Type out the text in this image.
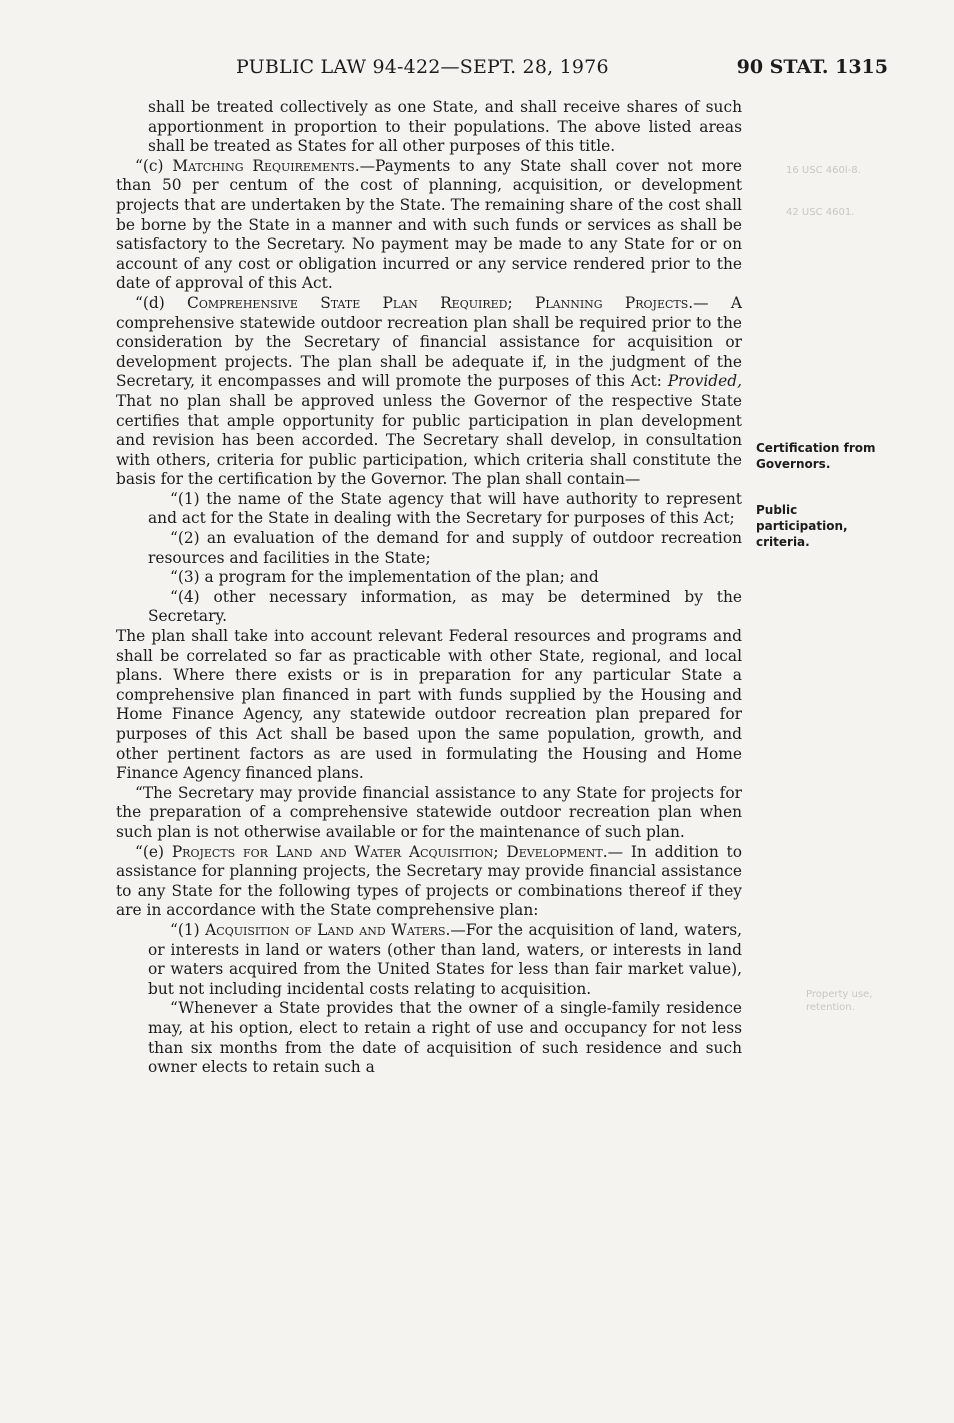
PUBLIC LAW 94-422—SEPT. 28, 1976	90 STAT. 1315
16 USC 460l-8.
42 USC 4601.
Property use, retention.
Certification from Governors.
Public participation, criteria.

shall be treated collectively as one State, and shall receive shares of such apportionment in proportion to their populations. The above listed areas shall be treated as States for all other purposes of this title.

“(c) Matching Requirements.—Payments to any State shall cover not more than 50 per centum of the cost of planning, acquisition, or development projects that are undertaken by the State. The remaining share of the cost shall be borne by the State in a manner and with such funds or services as shall be satisfactory to the Secretary. No payment may be made to any State for or on account of any cost or obligation incurred or any service rendered prior to the date of approval of this Act.

“(d) Comprehensive State Plan Required; Planning Projects.— A comprehensive statewide outdoor recreation plan shall be required prior to the consideration by the Secretary of financial assistance for acquisition or development projects. The plan shall be adequate if, in the judgment of the Secretary, it encompasses and will promote the purposes of this Act: Provided, That no plan shall be approved unless the Governor of the respective State certifies that ample opportunity for public participation in plan development and revision has been accorded. The Secretary shall develop, in consultation with others, criteria for public participation, which criteria shall constitute the basis for the certification by the Governor. The plan shall contain—

“(1) the name of the State agency that will have authority to represent and act for the State in dealing with the Secretary for purposes of this Act;

“(2) an evaluation of the demand for and supply of outdoor recreation resources and facilities in the State;

“(3) a program for the implementation of the plan; and

“(4) other necessary information, as may be determined by the Secretary.

The plan shall take into account relevant Federal resources and programs and shall be correlated so far as practicable with other State, regional, and local plans. Where there exists or is in preparation for any particular State a comprehensive plan financed in part with funds supplied by the Housing and Home Finance Agency, any statewide outdoor recreation plan prepared for purposes of this Act shall be based upon the same population, growth, and other pertinent factors as are used in formulating the Housing and Home Finance Agency financed plans.

“The Secretary may provide financial assistance to any State for projects for the preparation of a comprehensive statewide outdoor recreation plan when such plan is not otherwise available or for the maintenance of such plan.

“(e) Projects for Land and Water Acquisition; Development.— In addition to assistance for planning projects, the Secretary may provide financial assistance to any State for the following types of projects or combinations thereof if they are in accordance with the State comprehensive plan:

“(1) Acquisition of Land and Waters.—For the acquisition of land, waters, or interests in land or waters (other than land, waters, or interests in land or waters acquired from the United States for less than fair market value), but not including incidental costs relating to acquisition.

“Whenever a State provides that the owner of a single-family residence may, at his option, elect to retain a right of use and occupancy for not less than six months from the date of acquisition of such residence and such owner elects to retain such a
